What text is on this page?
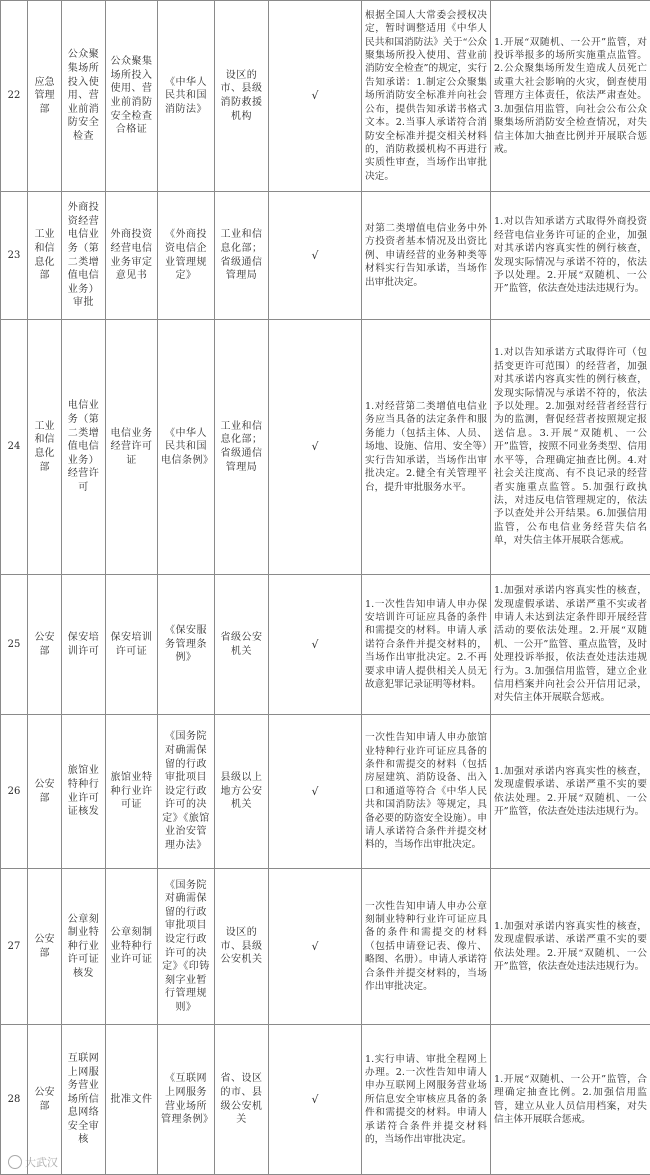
22	应急管理部	公众聚集场所投入使用、营业前消防安全检查	公众聚集场所投入使用、营业前消防安全检查合格证	《中华人民共和国消防法》	设区的市、县级消防救援机构	√	根据全国人大常委会授权决定，暂时调整适用《中华人民共和国消防法》关于“公众聚集场所投入使用、营业前消防安全检查”的规定，实行告知承诺：1.制定公众聚集场所消防安全标准并向社会公布，提供告知承诺书格式文本。2.当事人承诺符合消防安全标准并提交相关材料的，消防救援机构不再进行实质性审查，当场作出审批决定。	1.开展“双随机、一公开”监管，对投诉举报多的场所实施重点监管。2.公众聚集场所发生造成人员死亡或重大社会影响的火灾，倒查使用管理方主体责任，依法严肃查处。3.加强信用监管，向社会公布公众聚集场所消防安全检查情况，对失信主体加大抽查比例并开展联合惩戒。
23	工业和信息化部	外商投资经营电信业务（第二类增值电信业务）审批	外商投资经营电信业务审定意见书	《外商投资电信企业管理规定》	工业和信息化部；省级通信管理局	√	对第二类增值电信业务中外方投资者基本情况及出资比例、申请经营的业务种类等材料实行告知承诺，当场作出审批决定。	1.对以告知承诺方式取得外商投资经营电信业务许可证的企业，加强对其承诺内容真实性的例行核查，发现实际情况与承诺不符的，依法予以处理。2.开展“双随机、一公开”监管，依法查处违法违规行为。
24	工业和信息化部	电信业务（第二类增值电信业务）经营许可	电信业务经营许可证	《中华人民共和国电信条例》	工业和信息化部；省级通信管理局	√	1.对经营第二类增值电信业务应当具备的法定条件和服务能力（包括主体、人员、场地、设施、信用、安全等）实行告知承诺，当场作出审批决定。2.健全有关管理平台，提升审批服务水平。	1.对以告知承诺方式取得许可（包括变更许可范围）的经营者，加强对其承诺内容真实性的例行核查，发现实际情况与承诺不符的，依法予以处理。2.加强对经营者经营行为的监测，督促经营者按照规定报送信息。3.开展“双随机、一公开”监管，按照不同业务类型、信用水平等，合理确定抽查比例。4.对社会关注度高、有不良记录的经营者实施重点监管。5.加强行政执法，对违反电信管理规定的，依法予以查处并公开结果。6.加强信用监管，公布电信业务经营失信名单，对失信主体开展联合惩戒。
25	公安部	保安培训许可	保安培训许可证	《保安服务管理条例》	省级公安机关	√	1.一次性告知申请人申办保安培训许可证应具备的条件和需提交的材料。申请人承诺符合条件并提交材料的，当场作出审批决定。2.不再要求申请人提供相关人员无故意犯罪记录证明等材料。	1.加强对承诺内容真实性的核查，发现虚假承诺、承诺严重不实或者申请人未达到法定条件即开展经营活动的要依法处理。2.开展“双随机、一公开”监管、重点监管，及时处理投诉举报，依法查处违法违规行为。3.加强信用监管，建立企业信用档案并向社会公开信用记录，对失信主体开展联合惩戒。
26	公安部	旅馆业特种行业许可证核发	旅馆业特种行业许可证	《国务院对确需保留的行政审批项目设定行政许可的决定》《旅馆业治安管理办法》	县级以上地方公安机关	√	一次性告知申请人申办旅馆业特种行业许可证应具备的条件和需提交的材料（包括房屋建筑、消防设备、出入口和通道等符合《中华人民共和国消防法》等规定，具备必要的防盗安全设施）。申请人承诺符合条件并提交材料的，当场作出审批决定。	1.加强对承诺内容真实性的核查，发现虚假承诺、承诺严重不实的要依法处理。2.开展“双随机、一公开”监管，依法查处违法违规行为。
27	公安部	公章刻制业特种行业许可证核发	公章刻制业特种行业许可证	《国务院对确需保留的行政审批项目设定行政许可的决定》《印铸刻字业暂行管理规则》	设区的市、县级公安机关	√	一次性告知申请人申办公章刻制业特种行业许可证应具备的条件和需提交的材料（包括申请登记表、像片、略图、名册）。申请人承诺符合条件并提交材料的，当场作出审批决定。	1.加强对承诺内容真实性的核查，发现虚假承诺、承诺严重不实的要依法处理。2.开展“双随机、一公开”监管，依法查处违法违规行为。
28	公安部	互联网上网服务营业场所信息网络安全审核	批准文件	《互联网上网服务营业场所管理条例》	省、设区的市、县级公安机关	√	1.实行申请、审批全程网上办理。2.一次性告知申请人申办互联网上网服务营业场所信息安全审核应具备的条件和需提交的材料。申请人承诺符合条件并提交材料的，当场作出审批决定。	1.开展“双随机、一公开”监管，合理确定抽查比例。2.加强信用监管，建立从业人员信用档案，对失信主体开展联合惩戒。
大武汉
